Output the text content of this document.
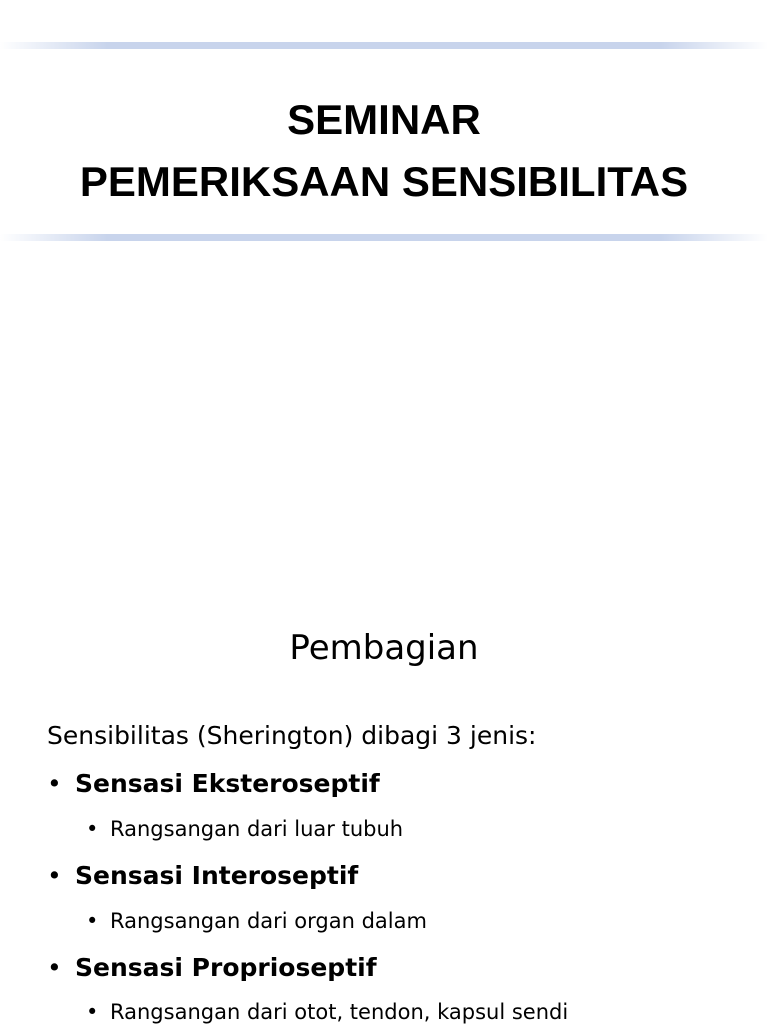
SEMINAR
PEMERIKSAAN SENSIBILITAS
Pembagian
Sensibilitas (Sherington) dibagi 3 jenis:
• Sensasi Eksteroseptif
• Rangsangan dari luar tubuh
• Sensasi Interoseptif
• Rangsangan dari organ dalam
• Sensasi Proprioseptif
• Rangsangan dari otot, tendon, kapsul sendi
